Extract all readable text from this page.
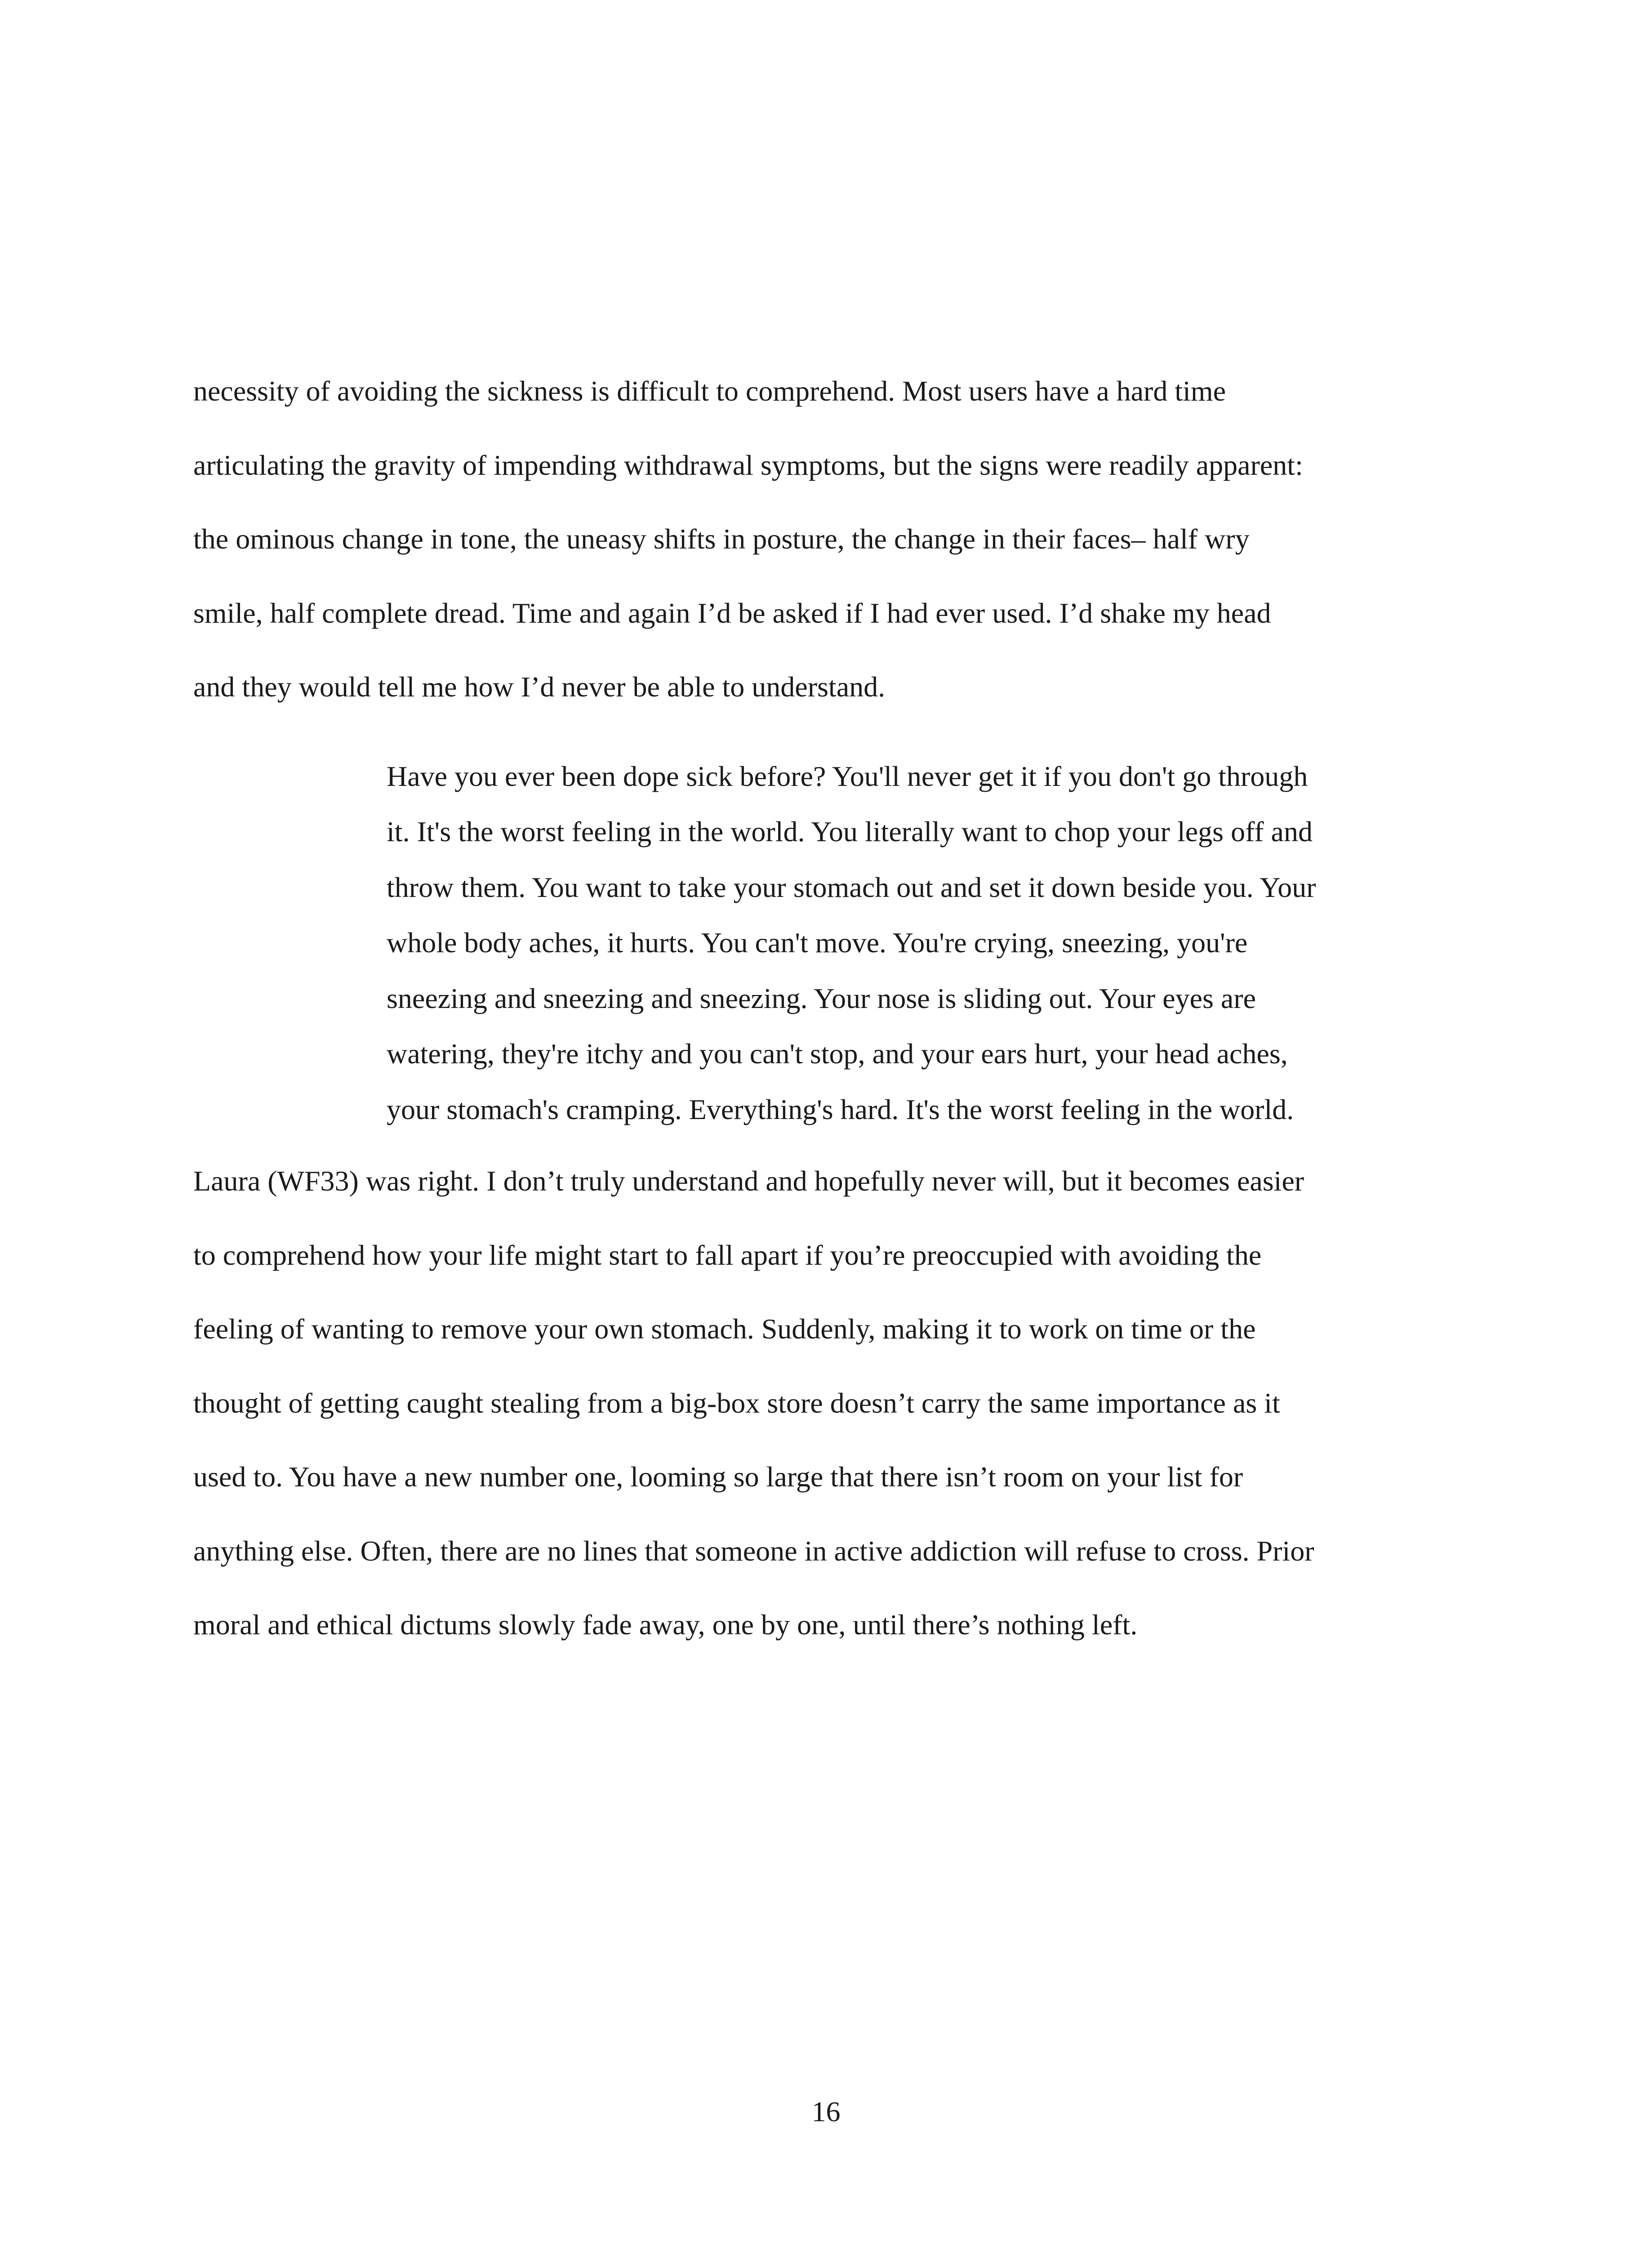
necessity of avoiding the sickness is difficult to comprehend. Most users have a hard time

articulating the gravity of impending withdrawal symptoms, but the signs were readily apparent:

the ominous change in tone, the uneasy shifts in posture, the change in their faces– half wry

smile, half complete dread. Time and again I’d be asked if I had ever used. I’d shake my head

and they would tell me how I’d never be able to understand.

Have you ever been dope sick before? You'll never get it if you don't go through

it. It's the worst feeling in the world. You literally want to chop your legs off and

throw them. You want to take your stomach out and set it down beside you. Your

whole body aches, it hurts. You can't move. You're crying, sneezing, you're

sneezing and sneezing and sneezing. Your nose is sliding out. Your eyes are

watering, they're itchy and you can't stop, and your ears hurt, your head aches,

your stomach's cramping. Everything's hard. It's the worst feeling in the world.

Laura (WF33) was right. I don’t truly understand and hopefully never will, but it becomes easier

to comprehend how your life might start to fall apart if you’re preoccupied with avoiding the

feeling of wanting to remove your own stomach. Suddenly, making it to work on time or the

thought of getting caught stealing from a big-box store doesn’t carry the same importance as it

used to. You have a new number one, looming so large that there isn’t room on your list for

anything else. Often, there are no lines that someone in active addiction will refuse to cross. Prior

moral and ethical dictums slowly fade away, one by one, until there’s nothing left.

16
